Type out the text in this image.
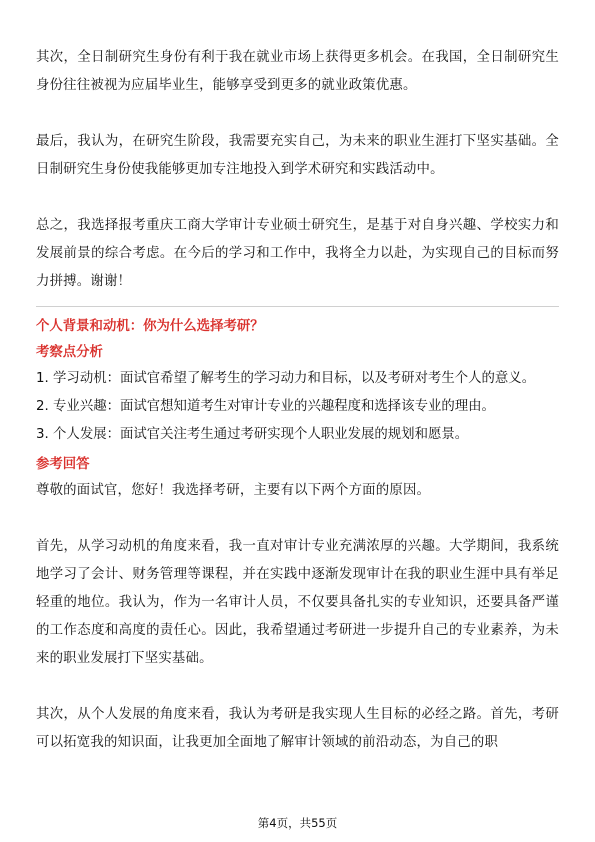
其次，全日制研究生身份有利于我在就业市场上获得更多机会。在我国，全日制研究生身份往往被视为应届毕业生，能够享受到更多的就业政策优惠。

最后，我认为，在研究生阶段，我需要充实自己，为未来的职业生涯打下坚实基础。全日制研究生身份使我能够更加专注地投入到学术研究和实践活动中。

总之，我选择报考重庆工商大学审计专业硕士研究生，是基于对自身兴趣、学校实力和发展前景的综合考虑。在今后的学习和工作中，我将全力以赴，为实现自己的目标而努力拼搏。谢谢！

个人背景和动机：你为什么选择考研？

考察点分析

1. 学习动机：面试官希望了解考生的学习动力和目标，以及考研对考生个人的意义。

2. 专业兴趣：面试官想知道考生对审计专业的兴趣程度和选择该专业的理由。

3. 个人发展：面试官关注考生通过考研实现个人职业发展的规划和愿景。

参考回答

尊敬的面试官，您好！我选择考研，主要有以下两个方面的原因。

首先，从学习动机的角度来看，我一直对审计专业充满浓厚的兴趣。大学期间，我系统地学习了会计、财务管理等课程，并在实践中逐渐发现审计在我的职业生涯中具有举足轻重的地位。我认为，作为一名审计人员，不仅要具备扎实的专业知识，还要具备严谨的工作态度和高度的责任心。因此，我希望通过考研进一步提升自己的专业素养，为未来的职业发展打下坚实基础。

其次，从个人发展的角度来看，我认为考研是我实现人生目标的必经之路。首先，考研可以拓宽我的知识面，让我更加全面地了解审计领域的前沿动态，为自己的职

第4页，共55页
